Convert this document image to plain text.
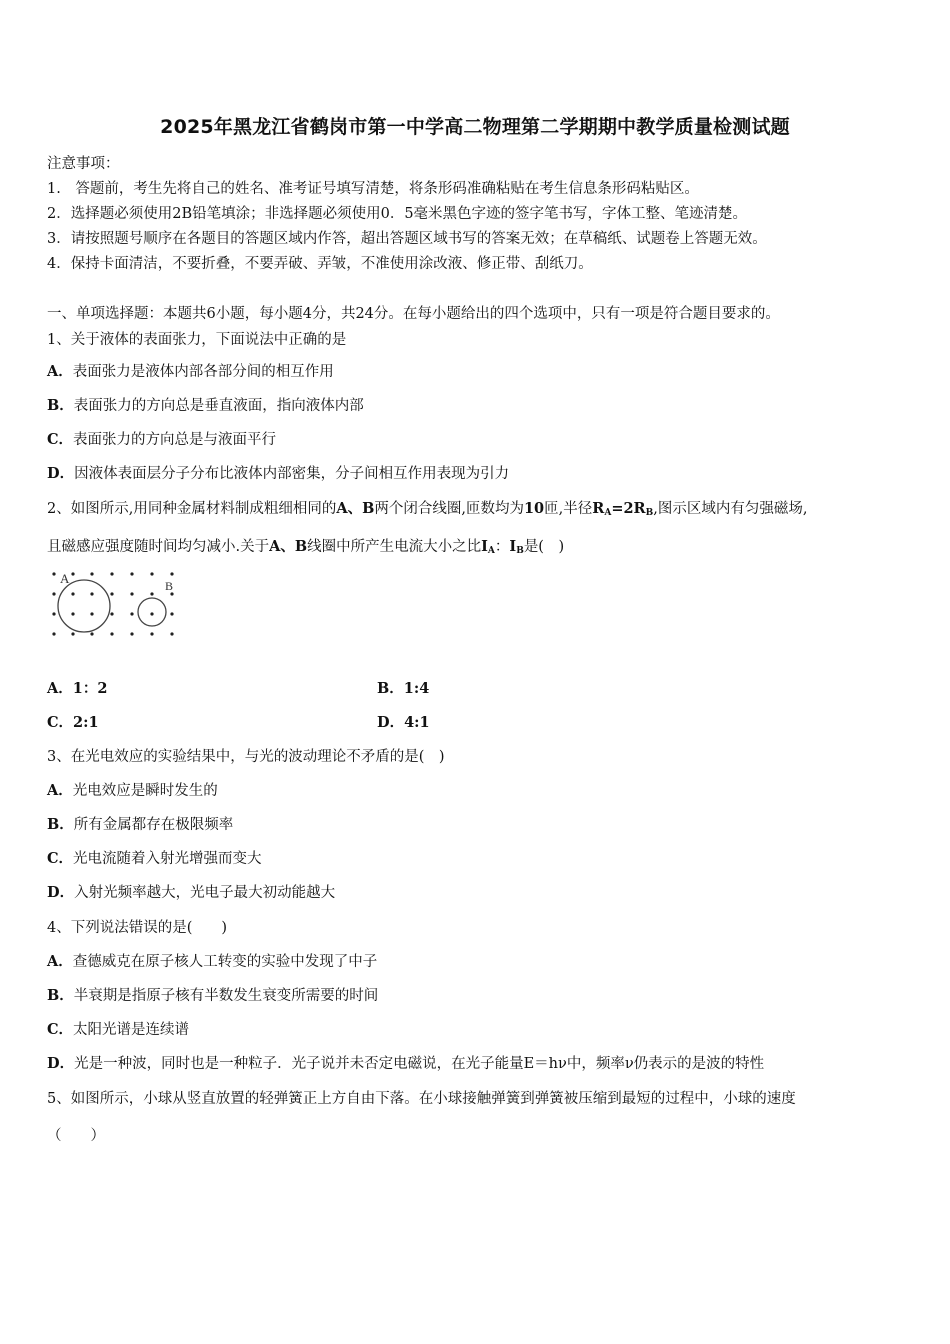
2025年黑龙江省鹤岗市第一中学高二物理第二学期期中教学质量检测试题
注意事项：
1.　答题前，考生先将自己的姓名、准考证号填写清楚，将条形码准确粘贴在考生信息条形码粘贴区。
2．选择题必须使用2B铅笔填涂；非选择题必须使用0．5毫米黑色字迹的签字笔书写，字体工整、笔迹清楚。
3．请按照题号顺序在各题目的答题区域内作答，超出答题区域书写的答案无效；在草稿纸、试题卷上答题无效。
4．保持卡面清洁，不要折叠，不要弄破、弄皱，不准使用涂改液、修正带、刮纸刀。
一、单项选择题：本题共6小题，每小题4分，共24分。在每小题给出的四个选项中，只有一项是符合题目要求的。
1、关于液体的表面张力，下面说法中正确的是
A．表面张力是液体内部各部分间的相互作用
B．表面张力的方向总是垂直液面，指向液体内部
C．表面张力的方向总是与液面平行
D．因液体表面层分子分布比液体内部密集，分子间相互作用表现为引力
2、如图所示,用同种金属材料制成粗细相同的A、B两个闭合线圈,匝数均为10匝,半径$R_A=2R_B$,图示区域内有匀强磁场,
且磁感应强度随时间均匀减小.关于A、B线圈中所产生电流大小之比$I_A$：$I_B$是(　)
A	B
A．1：2	B．1:4
C．2:1	D．4:1
3、在光电效应的实验结果中，与光的波动理论不矛盾的是(　)
A．光电效应是瞬时发生的
B．所有金属都存在极限频率
C．光电流随着入射光增强而变大
D．入射光频率越大，光电子最大初动能越大
4、下列说法错误的是(　　)
A．查德威克在原子核人工转变的实验中发现了中子
B．半衰期是指原子核有半数发生衰变所需要的时间
C．太阳光谱是连续谱
D．光是一种波，同时也是一种粒子．光子说并未否定电磁说，在光子能量E＝hν中，频率ν仍表示的是波的特性
5、如图所示，小球从竖直放置的轻弹簧正上方自由下落。在小球接触弹簧到弹簧被压缩到最短的过程中，小球的速度
（　　）
